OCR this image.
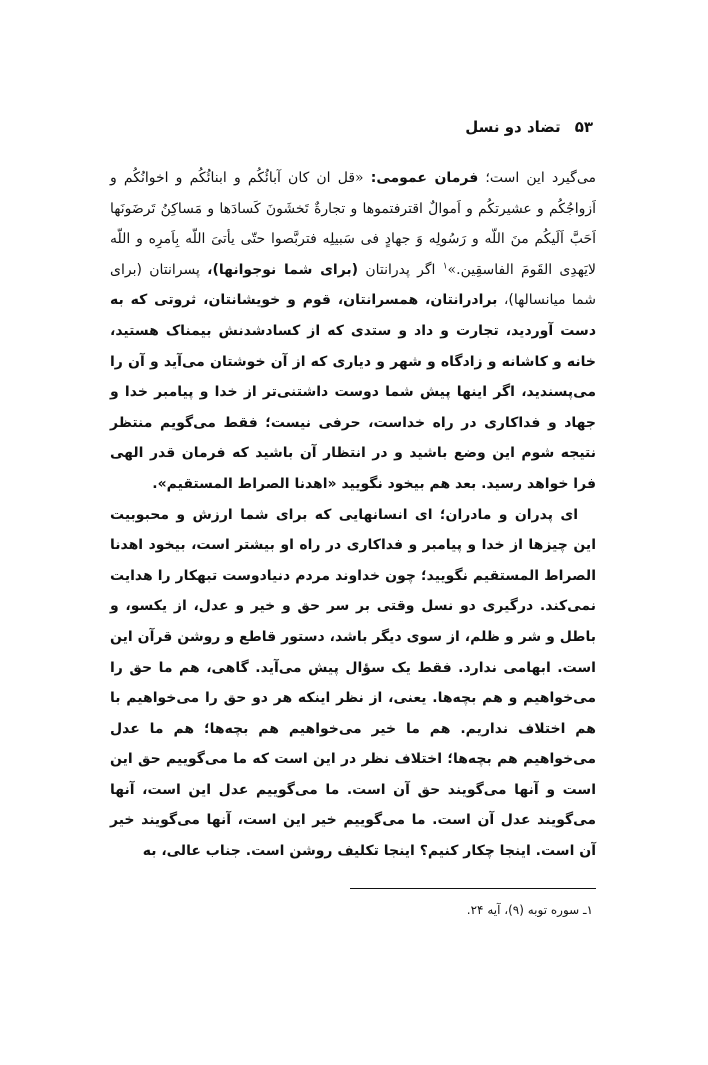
۵۳تضاد دو نسل

می‌گیرد این است؛ فرمان عمومی: «قل ان کان آبائُکُم و ابنائُکُم و اخوانُکُم و اَزواجُکُم و عشیرتکُم و اَموالٌ اقترفتموها و تجارةٌ تَخشَونَ کَسادَها و مَساکِنُ تَرضَونَها اَحَبَّ اَلَیکُم منَ اللّه و رَسُولِه وَ جهادٍ فی سَبیلِه فتربَّصوا حتّی یأتیَ اللّه بِاَمرِه و اللّه لایَهدِی القَومَ الفاسقِین.»$^۱$ اگر پدرانتان (برای شما نوجوانها)، پسرانتان (برای شما میانسالها)، برادرانتان، همسرانتان، قوم و خویشانتان، ثروتی که به دست آوردید، تجارت و داد و ستدی که از کسادشدنش بیمناک هستید، خانه و کاشانه و زادگاه و شهر و دیاری که از آن خوشتان می‌آید و آن را می‌پسندید، اگر اینها پیش شما دوست داشتنی‌تر از خدا و پیامبر خدا و جهاد و فداکاری در راه خداست، حرفی نیست؛ فقط می‌گویم منتظر نتیجه شوم این وضع باشید و در انتظار آن باشید که فرمان قدر الهی فرا خواهد رسید. بعد هم بیخود نگویید «اهدنا الصراط المستقیم».

ای پدران و مادران؛ ای انسانهایی که برای شما ارزش و محبوبیت این چیزها از خدا و پیامبر و فداکاری در راه او بیشتر است، بیخود اهدنا الصراط المستقیم نگویید؛ چون خداوند مردم دنیادوست تبهکار را هدایت نمی‌کند. درگیری دو نسل وقتی بر سر حق و خیر و عدل، از یکسو، و باطل و شر و ظلم، از سوی دیگر باشد، دستور قاطع و روشن قرآن این است. ابهامی ندارد. فقط یک سؤال پیش می‌آید. گاهی، هم ما حق را می‌خواهیم و هم بچه‌ها. یعنی، از نظر اینکه هر دو حق را می‌خواهیم با هم اختلاف نداریم. هم ما خیر می‌خواهیم هم بچه‌ها؛ هم ما عدل می‌خواهیم هم بچه‌ها؛ اختلاف نظر در این است که ما می‌گوییم حق این است و آنها می‌گویند حق آن است. ما می‌گوییم عدل این است، آنها می‌گویند عدل آن است. ما می‌گوییم خیر این است، آنها می‌گویند خیر آن است. اینجا چکار کنیم؟ اینجا تکلیف روشن است. جناب عالی، به

۱ـ سوره توبه (۹)، آیه ۲۴.
